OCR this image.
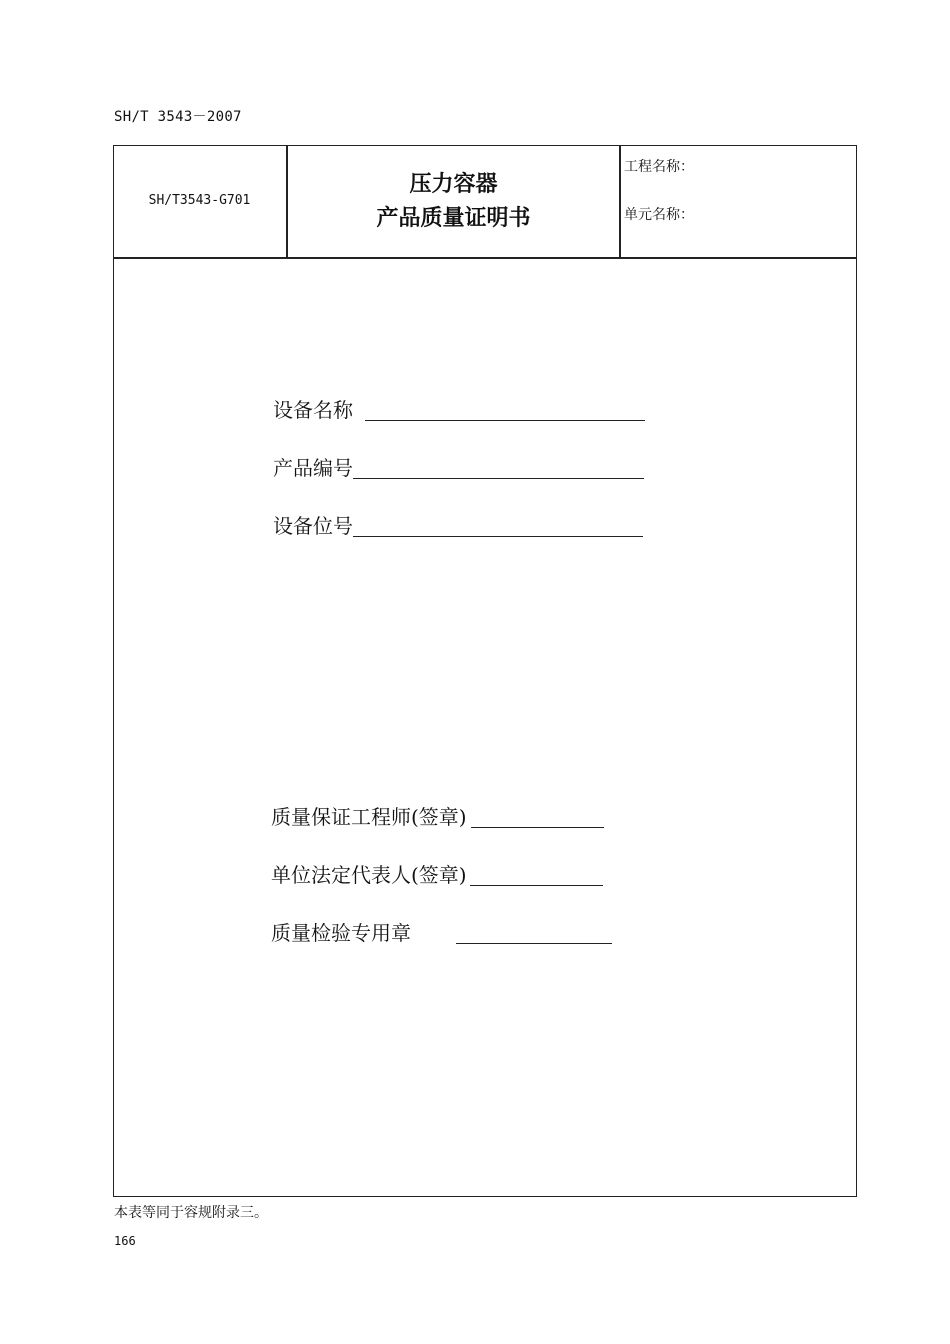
SH/T 3543－2007
SH/T3543-G701
压力容器
产品质量证明书
工程名称：
单元名称：
设备名称
产品编号
设备位号
质量保证工程师(签章)
单位法定代表人(签章)
质量检验专用章
本表等同于容规附录三。
166
